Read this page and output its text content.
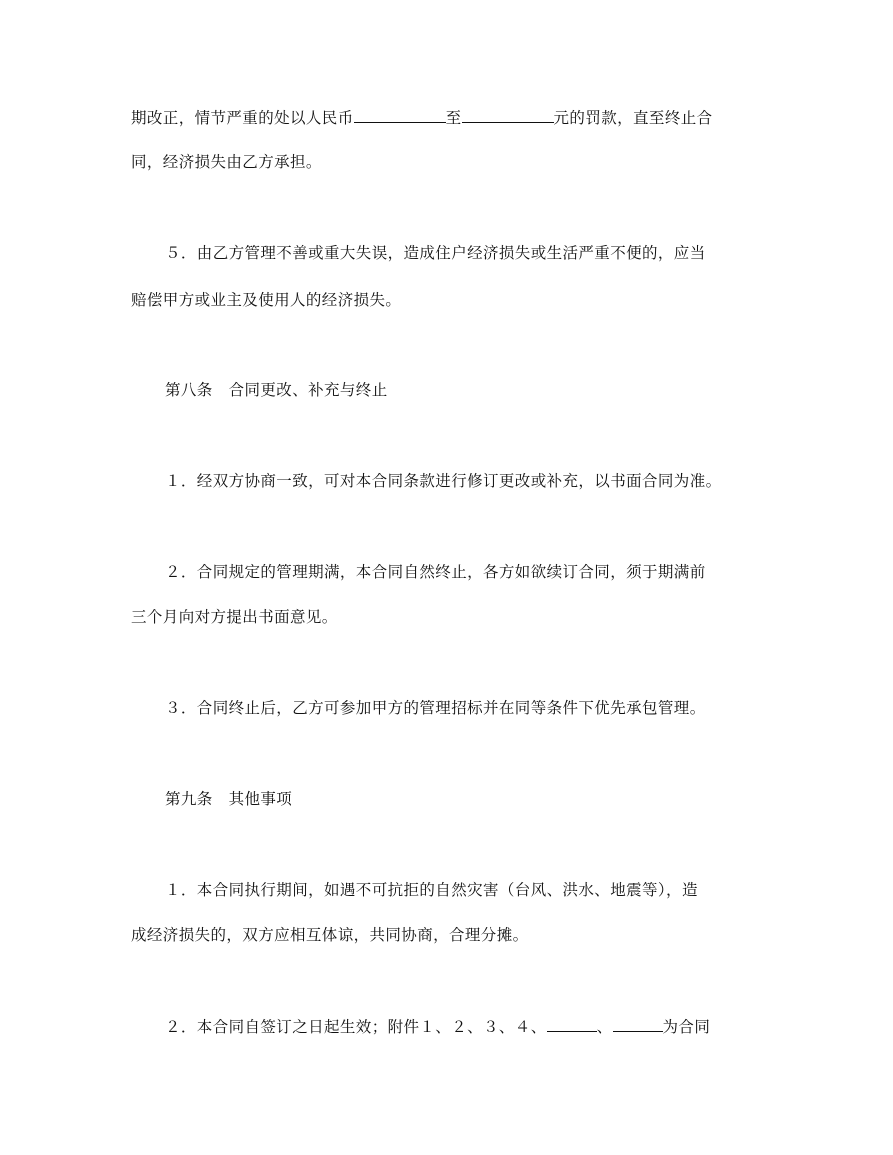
期改正，情节严重的处以人民币	至	元的罚款，直至终止合
同，经济损失由乙方承担。
５．由乙方管理不善或重大失误，造成住户经济损失或生活严重不便的，应当
赔偿甲方或业主及使用人的经济损失。
第八条　合同更改、补充与终止
１．经双方协商一致，可对本合同条款进行修订更改或补充，以书面合同为准。
２．合同规定的管理期满，本合同自然终止，各方如欲续订合同，须于期满前
三个月向对方提出书面意见。
３．合同终止后，乙方可参加甲方的管理招标并在同等条件下优先承包管理。
第九条　其他事项
１．本合同执行期间，如遇不可抗拒的自然灾害（台风、洪水、地震等），造
成经济损失的，双方应相互体谅，共同协商，合理分摊。
２．本合同自签订之日起生效；附件１、２、３、４、	、	为合同
